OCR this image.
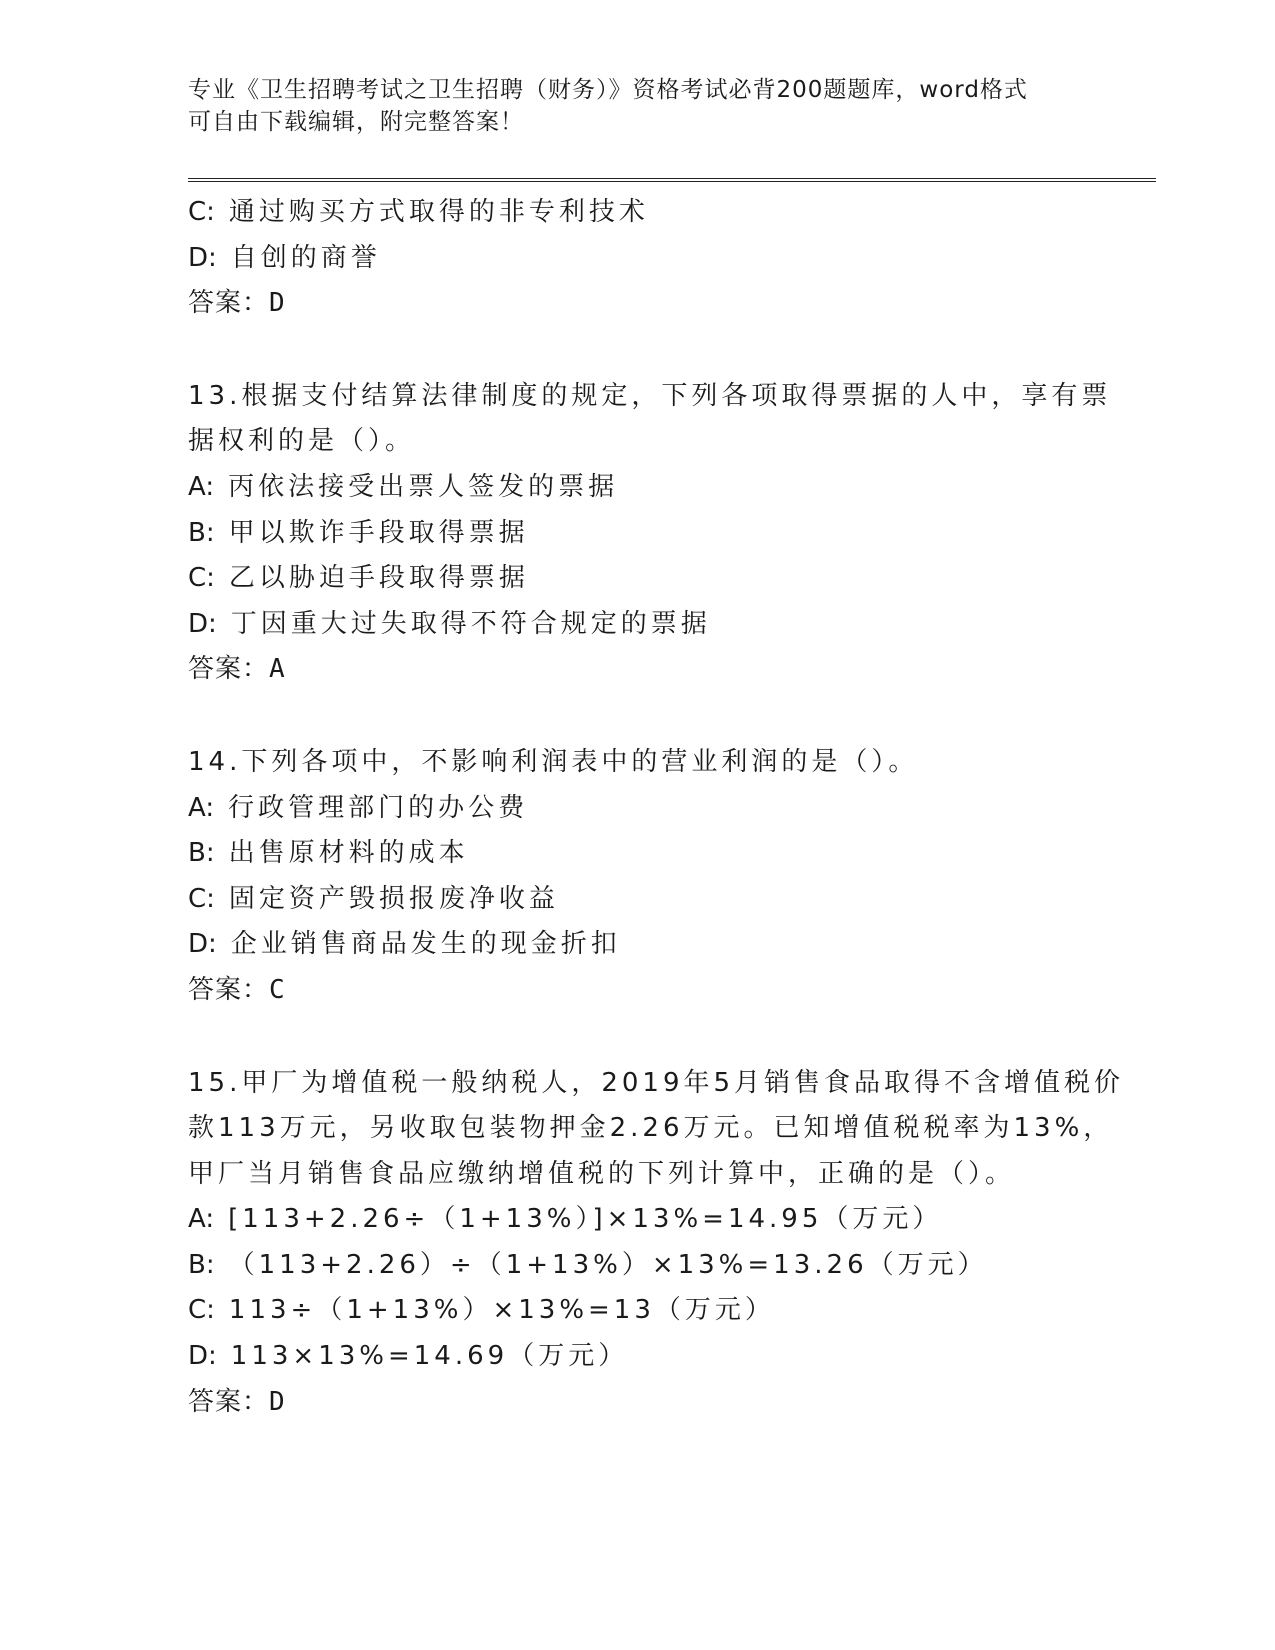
专业《卫生招聘考试之卫生招聘（财务）》资格考试必背200题题库，word格式
可自由下载编辑，附完整答案！
C: 通过购买方式取得的非专利技术
D: 自创的商誉
答案：D
13.根据支付结算法律制度的规定，下列各项取得票据的人中，享有票
据权利的是（）。
A: 丙依法接受出票人签发的票据
B: 甲以欺诈手段取得票据
C: 乙以胁迫手段取得票据
D: 丁因重大过失取得不符合规定的票据
答案：A
14.下列各项中，不影响利润表中的营业利润的是（）。
A: 行政管理部门的办公费
B: 出售原材料的成本
C: 固定资产毁损报废净收益
D: 企业销售商品发生的现金折扣
答案：C
15.甲厂为增值税一般纳税人，2019年5月销售食品取得不含增值税价
款113万元，另收取包装物押金2.26万元。已知增值税税率为13%，
甲厂当月销售食品应缴纳增值税的下列计算中，正确的是（）。
A: [113+2.26÷（1+13%）]×13%=14.95（万元）
B: （113+2.26）÷（1+13%）×13%=13.26（万元）
C: 113÷（1+13%）×13%=13（万元）
D: 113×13%=14.69（万元）
答案：D
